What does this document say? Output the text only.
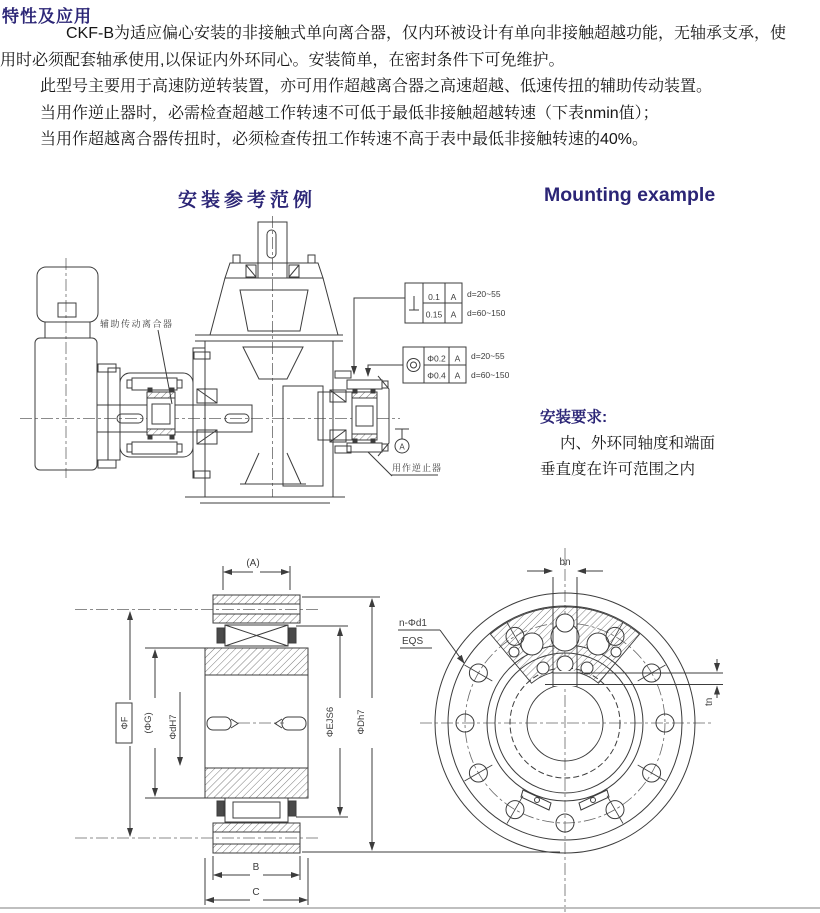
特性及应用
CKF-B为适应偏心安装的非接触式单向离合器，仅内环被设计有单向非接触超越功能，无轴承支承，使
用时必须配套轴承使用,以保证内外环同心。安装简单，在密封条件下可免维护。
此型号主要用于高速防逆转装置，亦可用作超越离合器之高速超越、低速传扭的辅助传动装置。
当用作逆止器时，必需检查超越工作转速不可低于最低非接触超越转速（下表nmin值）；
当用作超越离合器传扭时，必须检查传扭工作转速不高于表中最低非接触转速的40%。
安装参考范例	Mounting example
辅助传动离合器
用作逆止器
A
0.1 A
0.15 A
d=20~55
d=60~150
Φ0.2 A
Φ0.4 A
d=20~55
d=60~150
安装要求:
内、外环同轴度和端面
垂直度在许可范围之内
(A)
ΦF (ΦG) ΦdH7	ΦEJS6 ΦDh7
B
C
bn
n-Φd1
EQS
tn
